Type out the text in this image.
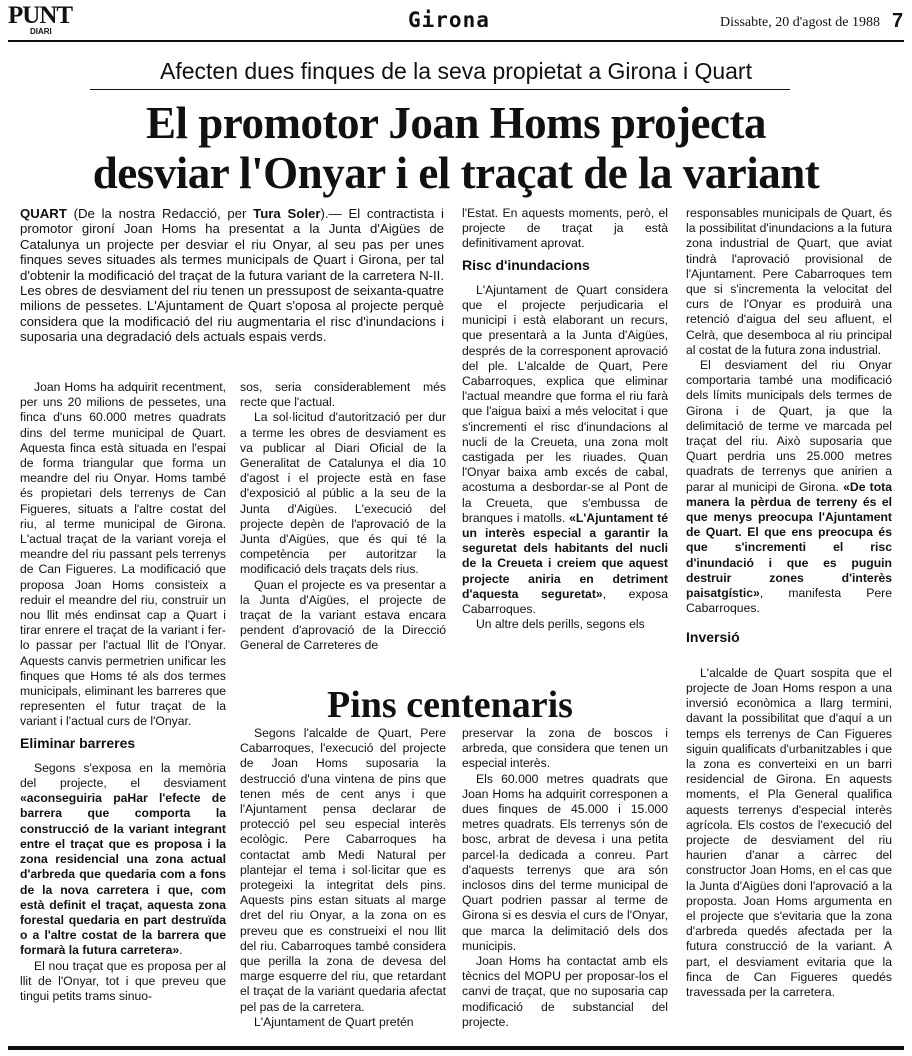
PUNT
DIARI	Girona	Dissabte, 20 d'agost de 1988 7
Afecten dues finques de la seva propietat a Girona i Quart
El promotor Joan Homs projecta
desviar l'Onyar i el traçat de la variant

QUART (De la nostra Redacció, per Tura Soler).— El contractista i promotor gironí Joan Homs ha presentat a la Junta d'Aigües de Catalunya un projecte per desviar el riu Onyar, al seu pas per unes finques seves situades als termes municipals de Quart i Girona, per tal d'obtenir la modificació del traçat de la futura variant de la carretera N-II. Les obres de desviament del riu tenen un pressupost de seixanta-quatre milions de pessetes. L'Ajuntament de Quart s'oposa al projecte perquè considera que la modificació del riu augmentaria el risc d'inundacions i suposaria una degradació dels actuals espais verds.

Joan Homs ha adquirit recentment, per uns 20 milions de pessetes, una finca d'uns 60.000 metres quadrats dins del terme municipal de Quart. Aquesta finca està situada en l'espai de forma triangular que forma un meandre del riu Onyar. Homs també és propietari dels terrenys de Can Figueres, situats a l'altre costat del riu, al terme municipal de Girona. L'actual traçat de la variant voreja el meandre del riu passant pels terrenys de Can Figueres. La modificació que proposa Joan Homs consisteix a reduir el meandre del riu, construir un nou llit més endinsat cap a Quart i tirar enrere el traçat de la variant i fer-lo passar per l'actual llit de l'Onyar. Aquests canvis permetrien unificar les finques que Homs té als dos termes municipals, eliminant les barreres que representen el futur traçat de la variant i l'actual curs de l'Onyar.

Eliminar barreres

Segons s'exposa en la memòria del projecte, el desviament «aconseguiria paHar l'efecte de barrera que comporta la construcció de la variant integrant entre el traçat que es proposa i la zona residencial una zona actual d'arbreda que quedaria com a fons de la nova carretera i que, com està definit el traçat, aquesta zona forestal quedaria en part destruïda o a l'altre costat de la barrera que formarà la futura carretera».

El nou traçat que es proposa per al llit de l'Onyar, tot i que preveu que tingui petits trams sinuo-

sos, seria considerablement més recte que l'actual.

La sol·licitud d'autorització per dur a terme les obres de desviament es va publicar al Diari Oficial de la Generalitat de Catalunya el dia 10 d'agost i el projecte està en fase d'exposició al públic a la seu de la Junta d'Aigües. L'execució del projecte depèn de l'aprovació de la Junta d'Aigües, que és qui té la competència per autoritzar la modificació dels traçats dels rius.

Quan el projecte es va presentar a la Junta d'Aigües, el projecte de traçat de la variant estava encara pendent d'aprovació de la Direcció General de Carreteres de

l'Estat. En aquests moments, però, el projecte de traçat ja està definitivament aprovat.

Risc d'inundacions

L'Ajuntament de Quart considera que el projecte perjudicaria el municipi i està elaborant un recurs, que presentarà a la Junta d'Aigües, després de la corresponent aprovació del ple. L'alcalde de Quart, Pere Cabarroques, explica que eliminar l'actual meandre que forma el riu farà que l'aigua baixi a més velocitat i que s'incrementi el risc d'inundacions al nucli de la Creueta, una zona molt castigada per les riuades. Quan l'Onyar baixa amb excés de cabal, acostuma a desbordar-se al Pont de la Creueta, que s'embussa de branques i matolls. «L'Ajuntament té un interès especial a garantir la seguretat dels habitants del nucli de la Creueta i creiem que aquest projecte aniria en detriment d'aquesta seguretat», exposa Cabarroques.

Un altre dels perills, segons els

responsables municipals de Quart, és la possibilitat d'inundacions a la futura zona industrial de Quart, que aviat tindrà l'aprovació provisional de l'Ajuntament. Pere Cabarroques tem que si s'incrementa la velocitat del curs de l'Onyar es produirà una retenció d'aigua del seu afluent, el Celrà, que desemboca al riu principal al costat de la futura zona industrial.

El desviament del riu Onyar comportaria també una modificació dels límits municipals dels termes de Girona i de Quart, ja que la delimitació de terme ve marcada pel traçat del riu. Això suposaria que Quart perdria uns 25.000 metres quadrats de terrenys que anirien a parar al municipi de Girona. «De tota manera la pèrdua de terreny és el que menys preocupa l'Ajuntament de Quart. El que ens preocupa és que s'incrementi el risc d'inundació i que es puguin destruir zones d'interès paisatgístic», manifesta Pere Cabarroques.

Inversió

L'alcalde de Quart sospita que el projecte de Joan Homs respon a una inversió econòmica a llarg termini, davant la possibilitat que d'aquí a un temps els terrenys de Can Figueres siguin qualificats d'urbanitzables i que la zona es converteixi en un barri residencial de Girona. En aquests moments, el Pla General qualifica aquests terrenys d'especial interès agrícola. Els costos de l'execució del projecte de desviament del riu haurien d'anar a càrrec del constructor Joan Homs, en el cas que la Junta d'Aigües doni l'aprovació a la proposta. Joan Homs argumenta en el projecte que s'evitaria que la zona d'arbreda quedés afectada per la futura construcció de la variant. A part, el desviament evitaria que la finca de Can Figueres quedés travessada per la carretera.

Pins centenaris

Segons l'alcalde de Quart, Pere Cabarroques, l'execució del projecte de Joan Homs suposaria la destrucció d'una vintena de pins que tenen més de cent anys i que l'Ajuntament pensa declarar de protecció pel seu especial interès ecològic. Pere Cabarroques ha contactat amb Medi Natural per plantejar el tema i sol·licitar que es protegeixi la integritat dels pins. Aquests pins estan situats al marge dret del riu Onyar, a la zona on es preveu que es construeixi el nou llit del riu. Cabarroques també considera que perilla la zona de devesa del marge esquerre del riu, que retardant el traçat de la variant quedaria afectat pel pas de la carretera.

L'Ajuntament de Quart pretén

preservar la zona de boscos i arbreda, que considera que tenen un especial interès.

Els 60.000 metres quadrats que Joan Homs ha adquirit corresponen a dues finques de 45.000 i 15.000 metres quadrats. Els terrenys són de bosc, arbrat de devesa i una petita parcel·la dedicada a conreu. Part d'aquests terrenys que ara són inclosos dins del terme municipal de Quart podrien passar al terme de Girona si es desvia el curs de l'Onyar, que marca la delimitació dels dos municipis.

Joan Homs ha contactat amb els tècnics del MOPU per proposar-los el canvi de traçat, que no suposaria cap modificació de substancial del projecte.
